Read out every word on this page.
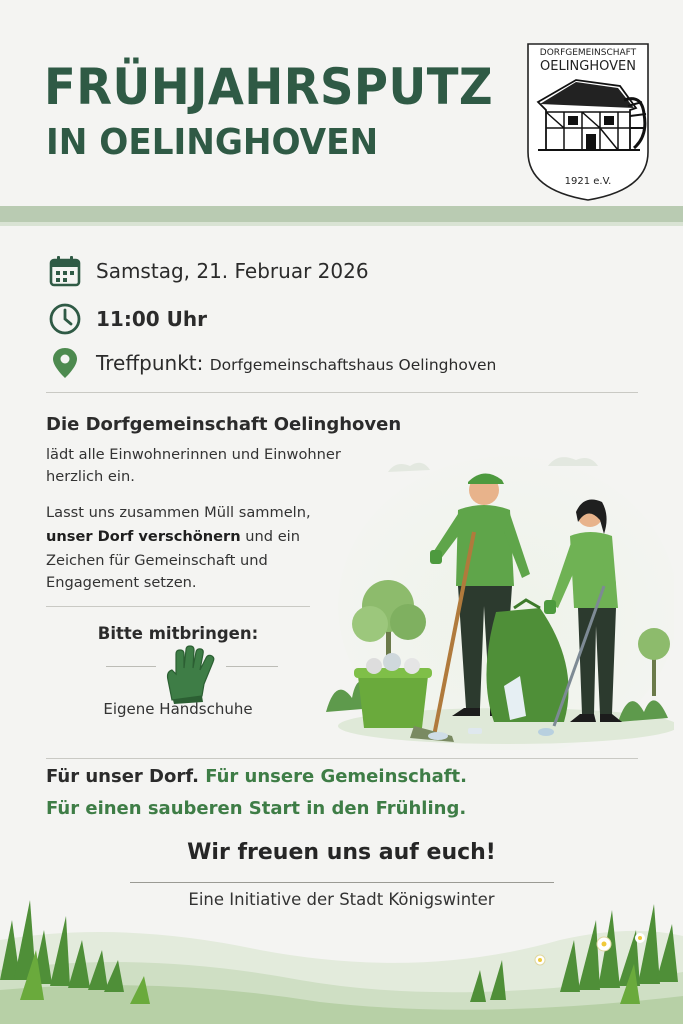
FRÜHJAHRSPUTZ
IN OELINGHOVEN
DORFGEMEINSCHAFT
OELINGHOVEN
1921 e.V.
Samstag, 21. Februar 2026
11:00 Uhr
Treffpunkt: Dorfgemeinschaftshaus Oelinghoven
Die Dorfgemeinschaft Oelinghoven
lädt alle Einwohnerinnen und Einwohner
herzlich ein.
Lasst uns zusammen Müll sammeln,
unser Dorf verschönern und ein
Zeichen für Gemeinschaft und
Engagement setzen.
Bitte mitbringen:
Eigene Handschuhe
Für unser Dorf. Für unsere Gemeinschaft.
Für einen sauberen Start in den Frühling.
Wir freuen uns auf euch!
Eine Initiative der Stadt Königswinter
